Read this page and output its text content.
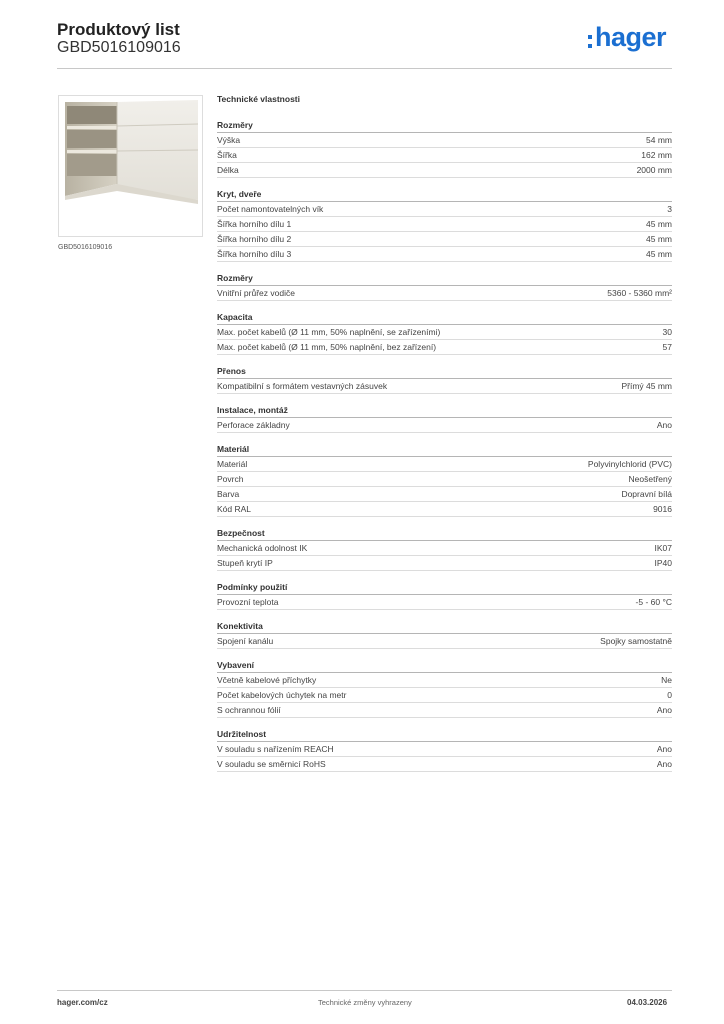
Produktový list
GBD5016109016	hager
GBD5016109016
Technické vlastnosti
Rozměry
Výška	54 mm
Šířka	162 mm
Délka	2000 mm
Kryt, dveře
Počet namontovatelných vík	3
Šířka horního dílu 1	45 mm
Šířka horního dílu 2	45 mm
Šířka horního dílu 3	45 mm
Rozměry
Vnitřní průřez vodiče	5360 - 5360 mm²
Kapacita
Max. počet kabelů (Ø 11 mm, 50% naplnění, se zařízeními)	30
Max. počet kabelů (Ø 11 mm, 50% naplnění, bez zařízení)	57
Přenos
Kompatibilní s formátem vestavných zásuvek	Přímý 45 mm
Instalace, montáž
Perforace základny	Ano
Materiál
Materiál	Polyvinylchlorid (PVC)
Povrch	Neošetřený
Barva	Dopravní bílá
Kód RAL	9016
Bezpečnost
Mechanická odolnost IK	IK07
Stupeň krytí IP	IP40
Podmínky použití
Provozní teplota	-5 - 60 °C
Konektivita
Spojení kanálu	Spojky samostatně
Vybavení
Včetně kabelové příchytky	Ne
Počet kabelových úchytek na metr	0
S ochrannou fólií	Ano
Udržitelnost
V souladu s nařízením REACH	Ano
V souladu se směrnicí RoHS	Ano
hager.com/cz	Technické změny vyhrazeny	04.03.2026
